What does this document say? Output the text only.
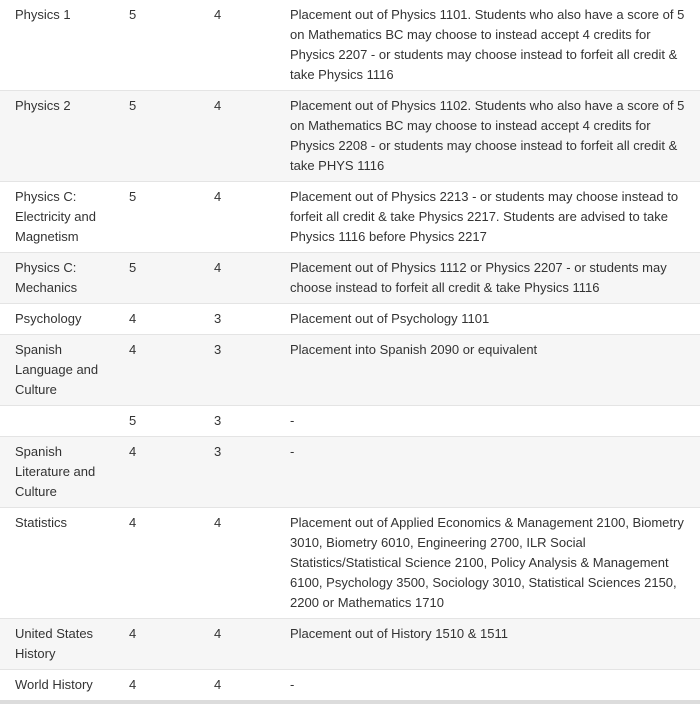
Physics 1	5	4	Placement out of Physics 1101. Students who also have a score of 5 on Mathematics BC may choose to instead accept 4 credits for Physics 2207 - or students may choose instead to forfeit all credit & take Physics 1116
Physics 2	5	4	Placement out of Physics 1102. Students who also have a score of 5 on Mathematics BC may choose to instead accept 4 credits for Physics 2208 - or students may choose instead to forfeit all credit & take PHYS 1116
Physics C: Electricity and Magnetism	5	4	Placement out of Physics 2213 - or students may choose instead to forfeit all credit & take Physics 2217. Students are advised to take Physics 1116 before Physics 2217
Physics C: Mechanics	5	4	Placement out of Physics 1112 or Physics 2207 - or students may choose instead to forfeit all credit & take Physics 1116
Psychology	4	3	Placement out of Psychology 1101
Spanish Language and Culture	4	3	Placement into Spanish 2090 or equivalent
	5	3	-
Spanish Literature and Culture	4	3	-
Statistics	4	4	Placement out of Applied Economics & Management 2100, Biometry 3010, Biometry 6010, Engineering 2700, ILR Social Statistics/Statistical Science 2100, Policy Analysis & Management 6100, Psychology 3500, Sociology 3010, Statistical Sciences 2150, 2200 or Mathematics 1710
United States History	4	4	Placement out of History 1510 & 1511
World History	4	4	-
